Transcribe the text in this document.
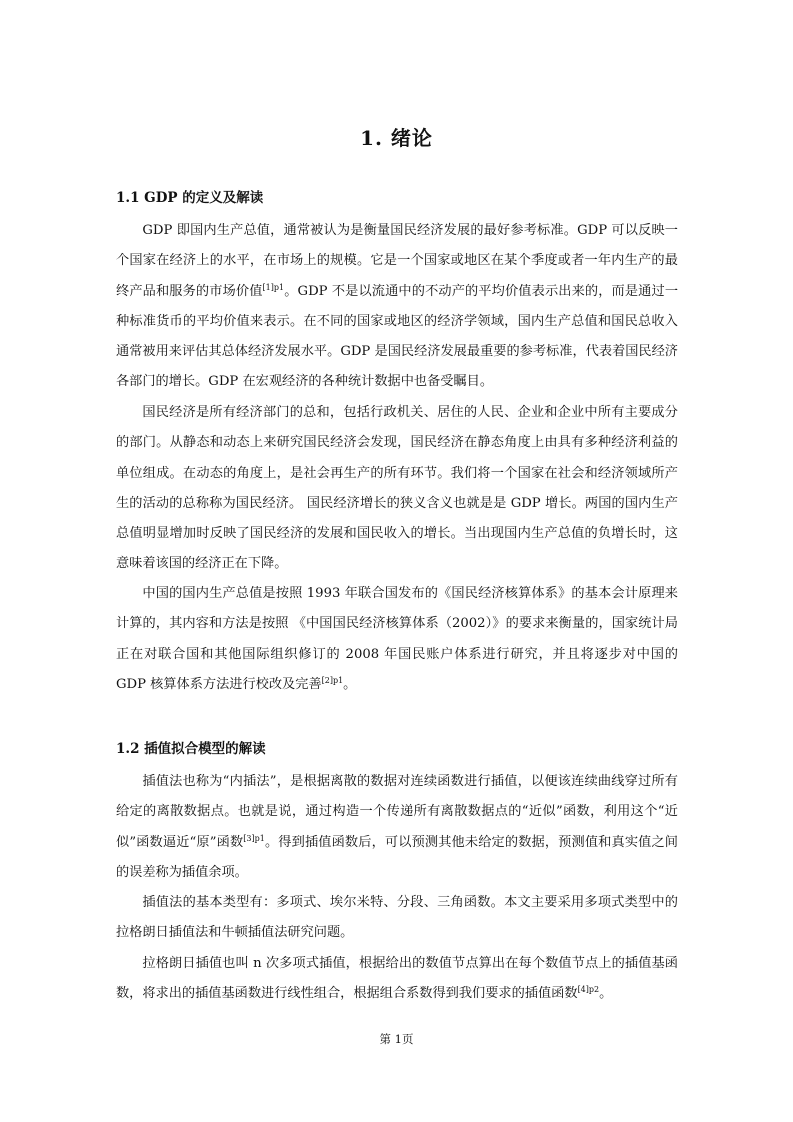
1. 绪论
1.1 GDP 的定义及解读

GDP 即国内生产总值，通常被认为是衡量国民经济发展的最好参考标准。GDP 可以反映一个国家在经济上的水平，在市场上的规模。它是一个国家或地区在某个季度或者一年内生产的最终产品和服务的市场价值$^{[1]p1}$。GDP 不是以流通中的不动产的平均价值表示出来的，而是通过一种标准货币的平均价值来表示。在不同的国家或地区的经济学领域，国内生产总值和国民总收入通常被用来评估其总体经济发展水平。GDP 是国民经济发展最重要的参考标准，代表着国民经济各部门的增长。GDP 在宏观经济的各种统计数据中也备受瞩目。

国民经济是所有经济部门的总和，包括行政机关、居住的人民、企业和企业中所有主要成分的部门。从静态和动态上来研究国民经济会发现，国民经济在静态角度上由具有多种经济利益的单位组成。在动态的角度上，是社会再生产的所有环节。我们将一个国家在社会和经济领域所产生的活动的总称称为国民经济。 国民经济增长的狭义含义也就是是 GDP 增长。两国的国内生产总值明显增加时反映了国民经济的发展和国民收入的增长。当出现国内生产总值的负增长时，这意味着该国的经济正在下降。

中国的国内生产总值是按照 1993 年联合国发布的《国民经济核算体系》的基本会计原理来计算的，其内容和方法是按照 《中国国民经济核算体系（2002）》的要求来衡量的，国家统计局正在对联合国和其他国际组织修订的 2008 年国民账户体系进行研究，并且将逐步对中国的 GDP 核算体系方法进行校改及完善$^{[2]p1}$。

1.2 插值拟合模型的解读

插值法也称为“内插法”，是根据离散的数据对连续函数进行插值，以便该连续曲线穿过所有给定的离散数据点。也就是说，通过构造一个传递所有离散数据点的“近似”函数，利用这个“近似”函数逼近“原”函数$^{[3]p1}$。得到插值函数后，可以预测其他未给定的数据，预测值和真实值之间的误差称为插值余项。

插值法的基本类型有：多项式、埃尔米特、分段、三角函数。本文主要采用多项式类型中的拉格朗日插值法和牛顿插值法研究问题。

拉格朗日插值也叫 n 次多项式插值，根据给出的数值节点算出在每个数值节点上的插值基函数，将求出的插值基函数进行线性组合，根据组合系数得到我们要求的插值函数$^{[4]p2}$。

第 1页
